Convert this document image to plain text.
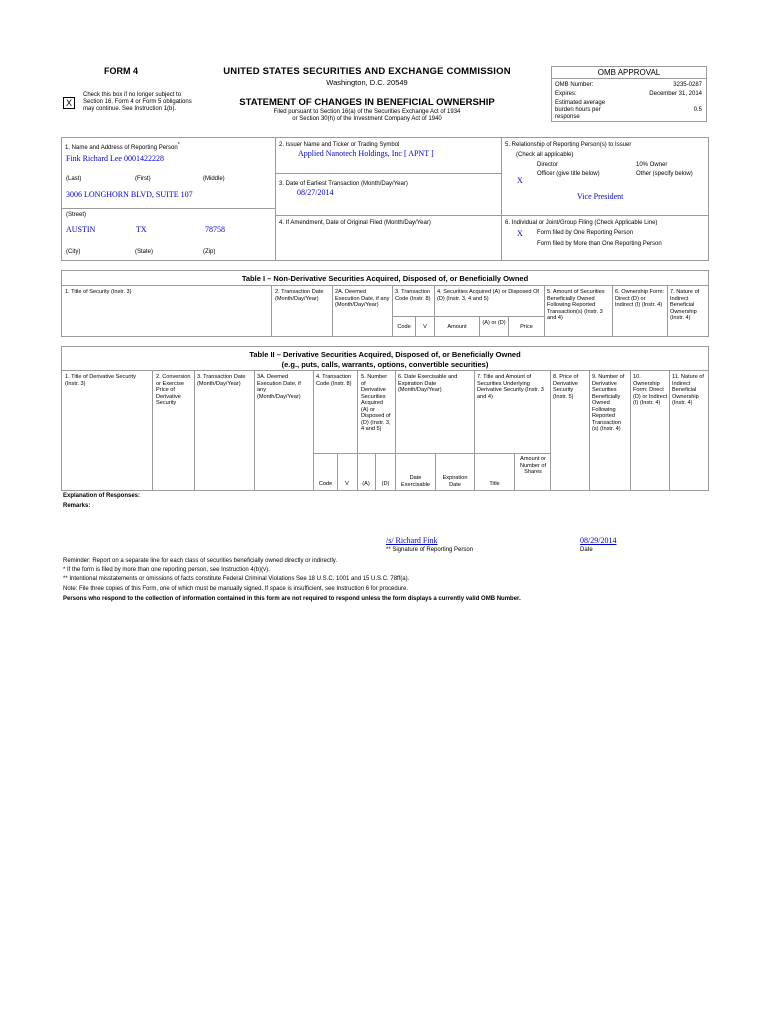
FORM 4
Check this box if no longer subject to Section 16. Form 4 or Form 5 obligations may continue. See Instruction 1(b).
X
UNITED STATES SECURITIES AND EXCHANGE COMMISSION
Washington, D.C. 20549
STATEMENT OF CHANGES IN BENEFICIAL OWNERSHIP
Filed pursuant to Section 16(a) of the Securities Exchange Act of 1934
or Section 30(h) of the Investment Company Act of 1940
OMB APPROVAL
OMB Number:	3235-0287
Expires:	December 31, 2014
Estimated average burden hours per response
0.5
1. Name and Address of Reporting Person*
Fink Richard Lee 0001422228
(Last)	(First)	(Middle)
3006 LONGHORN BLVD, SUITE 107
(Street)
AUSTIN	TX	78758
(City)	(State)	(Zip)
2. Issuer Name and Ticker or Trading Symbol
Applied Nanotech Holdings, Inc [ APNT ]
3. Date of Earliest Transaction (Month/Day/Year)
08/27/2014
4. If Amendment, Date of Original Filed (Month/Day/Year)
5. Relationship of Reporting Person(s) to Issuer
(Check all applicable)
Director	10% Owner
X
Officer (give title below)	Other (specify below)
Vice President
6. Individual or Joint/Group Filing (Check Applicable Line)
X Form filed by One Reporting Person
Form filed by More than One Reporting Person
Table I – Non-Derivative Securities Acquired, Disposed of, or Beneficially Owned
1. Title of Security (Instr. 3)	2. Transaction Date (Month/Day/Year)
2A. Deemed Execution Date, if any (Month/Day/Year)
3. Transaction Code (Instr. 8)
4. Securities Acquired (A) or Disposed Of (D) (Instr. 3, 4 and 5)
5. Amount of Securities Beneficially Owned Following Reported Transaction(s) (Instr. 3 and 4)
6. Ownership Form: Direct (D) or Indirect (I) (Instr. 4)
7. Nature of Indirect Beneficial Ownership (Instr. 4)
Code	V	Amount
(A) or (D)
Price
Table II – Derivative Securities Acquired, Disposed of, or Beneficially Owned
(e.g., puts, calls, warrants, options, convertible securities)
1. Title of Derivative Security (Instr. 3)
2. Conversion or Exercise Price of Derivative Security
3. Transaction Date (Month/Day/Year)
3A. Deemed Execution Date, if any (Month/Day/Year)
4. Transaction Code (Instr. 8)
5. Number of Derivative Securities Acquired (A) or Disposed of (D) (Instr. 3, 4 and 5)
6. Date Exercisable and Expiration Date (Month/Day/Year)
7. Title and Amount of Securities Underlying Derivative Security (Instr. 3 and 4)
8. Price of Derivative Security (Instr. 5)
9. Number of Derivative Securities Beneficially Owned Following Reported Transaction (s) (Instr. 4)
10. Ownership Form: Direct (D) or Indirect (I) (Instr. 4)
11. Nature of Indirect Beneficial Ownership (Instr. 4)
Code	V	(A)	(D)
Date Exercisable
Expiration Date	Title
Amount or Number of Shares
Explanation of Responses:
Remarks:
/s/ Richard Fink	08/29/2014
** Signature of Reporting Person	Date
Reminder: Report on a separate line for each class of securities beneficially owned directly or indirectly.
* If the form is filed by more than one reporting person, see Instruction 4(b)(v).
** Intentional misstatements or omissions of facts constitute Federal Criminal Violations See 18 U.S.C. 1001 and 15 U.S.C. 78ff(a).
Note: File three copies of this Form, one of which must be manually signed. If space is insufficient, see Instruction 6 for procedure.
Persons who respond to the collection of information contained in this form are not required to respond unless the form displays a currently valid OMB Number.
